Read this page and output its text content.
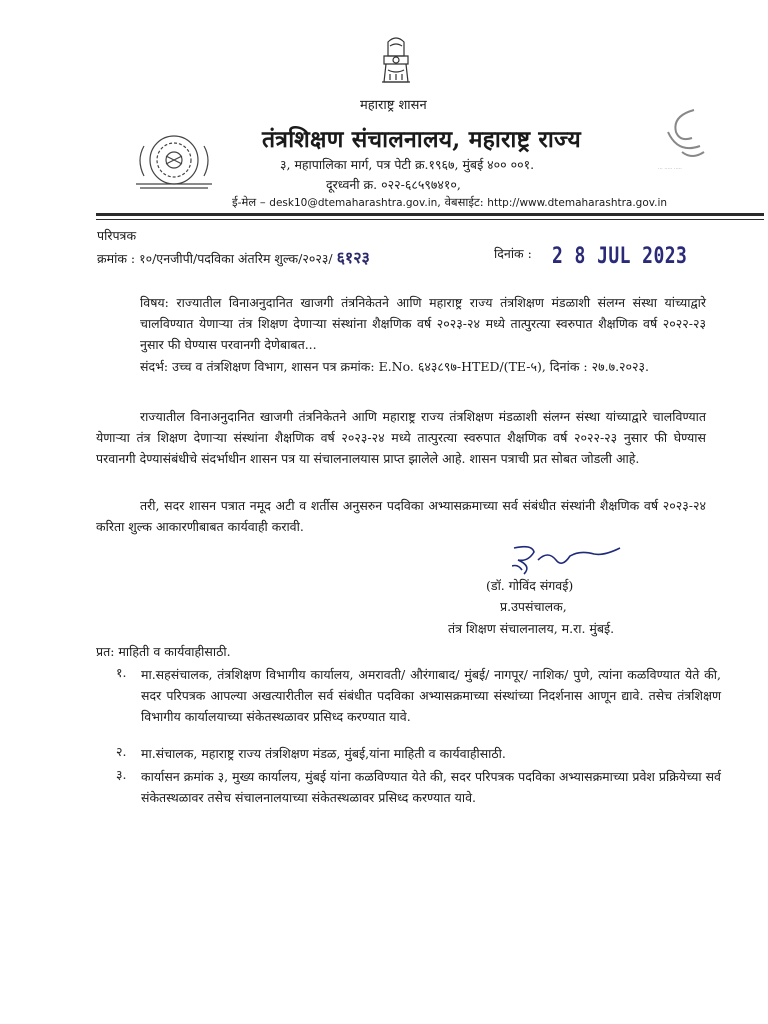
महाराष्ट्र शासन
तंत्रशिक्षण संचालनालय, महाराष्ट्र राज्य
··· ····· ·····
३, महापालिका मार्ग, पत्र पेटी क्र.१९६७, मुंबई ४०० ००१.
दूरध्वनी क्र. ०२२-६८५९७४१०,
ई-मेल – desk10@dtemaharashtra.gov.in, वेबसाईट: http://www.dtemaharashtra.gov.in
परिपत्रक
क्रमांक : १०/एनजीपी/पदविका अंतरिम शुल्क/२०२३/ ६१२३	दिनांक : 2 8 JUL 2023
विषय: राज्यातील विनाअनुदानित खाजगी तंत्रनिकेतने आणि महाराष्ट्र राज्य तंत्रशिक्षण मंडळाशी संलग्न संस्था यांच्याद्वारे चालविण्यात येणाऱ्या तंत्र शिक्षण देणाऱ्या संस्थांना शैक्षणिक वर्ष २०२३-२४ मध्ये तात्पुरत्या स्वरुपात शैक्षणिक वर्ष २०२२-२३ नुसार फी घेण्यास परवानगी देणेबाबत...
संदर्भ: उच्च व तंत्रशिक्षण विभाग, शासन पत्र क्रमांक: E.No. ६४३८९७-HTED/(TE-५), दिनांक : २७.७.२०२३.
राज्यातील विनाअनुदानित खाजगी तंत्रनिकेतने आणि महाराष्ट्र राज्य तंत्रशिक्षण मंडळाशी संलग्न संस्था यांच्याद्वारे चालविण्यात येणाऱ्या तंत्र शिक्षण देणाऱ्या संस्थांना शैक्षणिक वर्ष २०२३-२४ मध्ये तात्पुरत्या स्वरुपात शैक्षणिक वर्ष २०२२-२३ नुसार फी घेण्यास परवानगी देण्यासंबंधीचे संदर्भाधीन शासन पत्र या संचालनालयास प्राप्त झालेले आहे. शासन पत्राची प्रत सोबत जोडली आहे.
तरी, सदर शासन पत्रात नमूद अटी व शर्तीस अनुसरुन पदविका अभ्यासक्रमाच्या सर्व संबंधीत संस्थांनी शैक्षणिक वर्ष २०२३-२४ करिता शुल्क आकारणीबाबत कार्यवाही करावी.
(डॉ. गोविंद संगवई)
प्र.उपसंचालक,
तंत्र शिक्षण संचालनालय, म.रा. मुंबई.
प्रत: माहिती व कार्यवाहीसाठी.
१. मा.सहसंचालक, तंत्रशिक्षण विभागीय कार्यालय, अमरावती/ औरंगाबाद/ मुंबई/ नागपूर/ नाशिक/ पुणे, त्यांना कळविण्यात येते की, सदर परिपत्रक आपल्या अखत्यारीतील सर्व संबंधीत पदविका अभ्यासक्रमाच्या संस्थांच्या निदर्शनास आणून द्यावे. तसेच तंत्रशिक्षण विभागीय कार्यालयाच्या संकेतस्थळावर प्रसिध्द करण्यात यावे.
२. मा.संचालक, महाराष्ट्र राज्य तंत्रशिक्षण मंडळ, मुंबई,यांना माहिती व कार्यवाहीसाठी.
३. कार्यासन क्रमांक ३, मुख्य कार्यालय, मुंबई यांना कळविण्यात येते की, सदर परिपत्रक पदविका अभ्यासक्रमाच्या प्रवेश प्रक्रियेच्या सर्व संकेतस्थळावर तसेच संचालनालयाच्या संकेतस्थळावर प्रसिध्द करण्यात यावे.
